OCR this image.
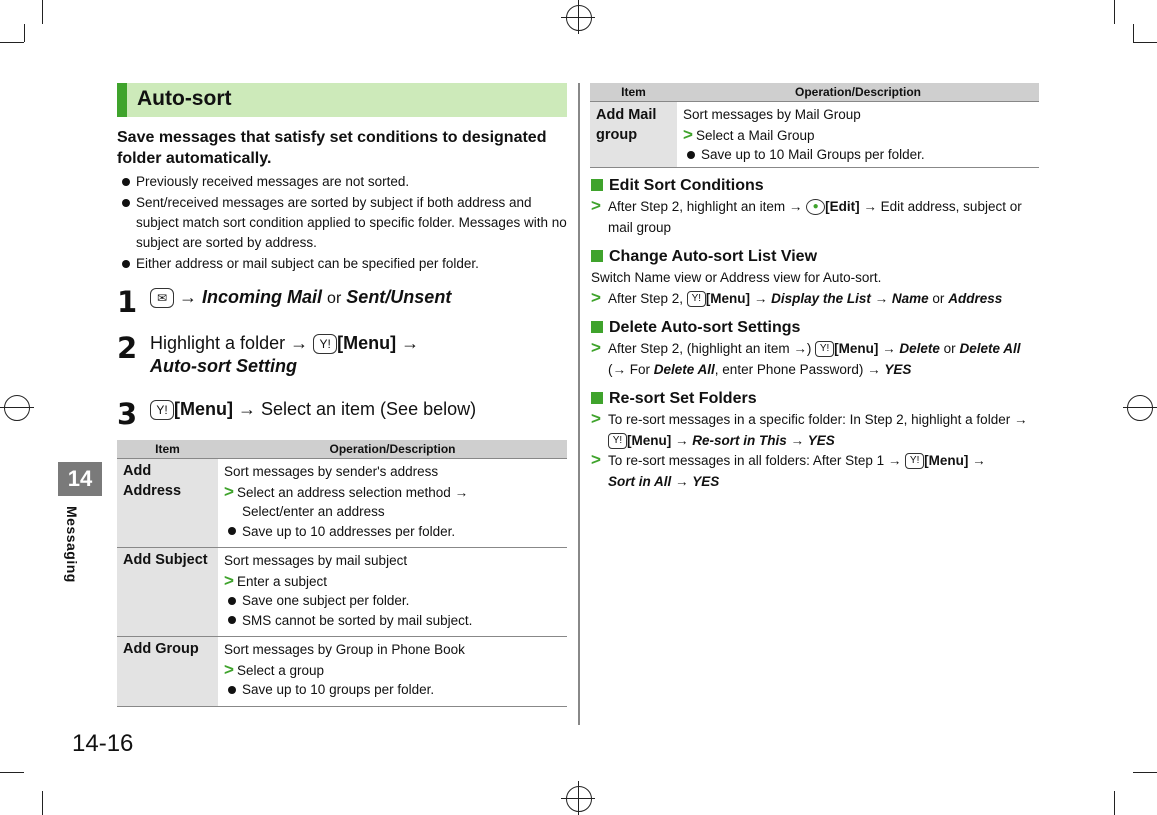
14
Messaging
14-16
Auto-sort
Save messages that satisfy set conditions to designated folder automatically.
Previously received messages are not sorted.
Sent/received messages are sorted by subject if both address and subject match sort condition applied to specific folder. Messages with no subject are sorted by address.
Either address or mail subject can be specified per folder.
1	✉ → Incoming Mail or Sent/Unsent
2 Highlight a folder → Y! [Menu] →
Auto-sort Setting
3	Y! [Menu] → Select an item (See below)
Item	Operation/Description
Add Address	Sort messages by sender's address
> Select an address selection method →

Select/enter an address
Save up to 10 addresses per folder.
Add Subject	Sort messages by mail subject
> Enter a subject
Save one subject per folder.
SMS cannot be sorted by mail subject.
Add Group	Sort messages by Group in Phone Book
> Select a group
Save up to 10 groups per folder.
Item	Operation/Description
Add Mail group	Sort messages by Mail Group
> Select a Mail Group
Save up to 10 Mail Groups per folder.
Edit Sort Conditions

> After Step 2, highlight an item → ● [Edit] → Edit address, subject or mail group

Change Auto-sort List View

Switch Name view or Address view for Auto-sort.

> After Step 2, Y! [Menu] → Display the List → Name or Address

Delete Auto-sort Settings

> After Step 2, (highlight an item →) Y! [Menu] → Delete or Delete All
(→ For Delete All, enter Phone Password) → YES

Re-sort Set Folders

> To re-sort messages in a specific folder: In Step 2, highlight a folder →
Y! [Menu] → Re-sort in This → YES

> To re-sort messages in all folders: After Step 1 → Y! [Menu] →
Sort in All → YES
